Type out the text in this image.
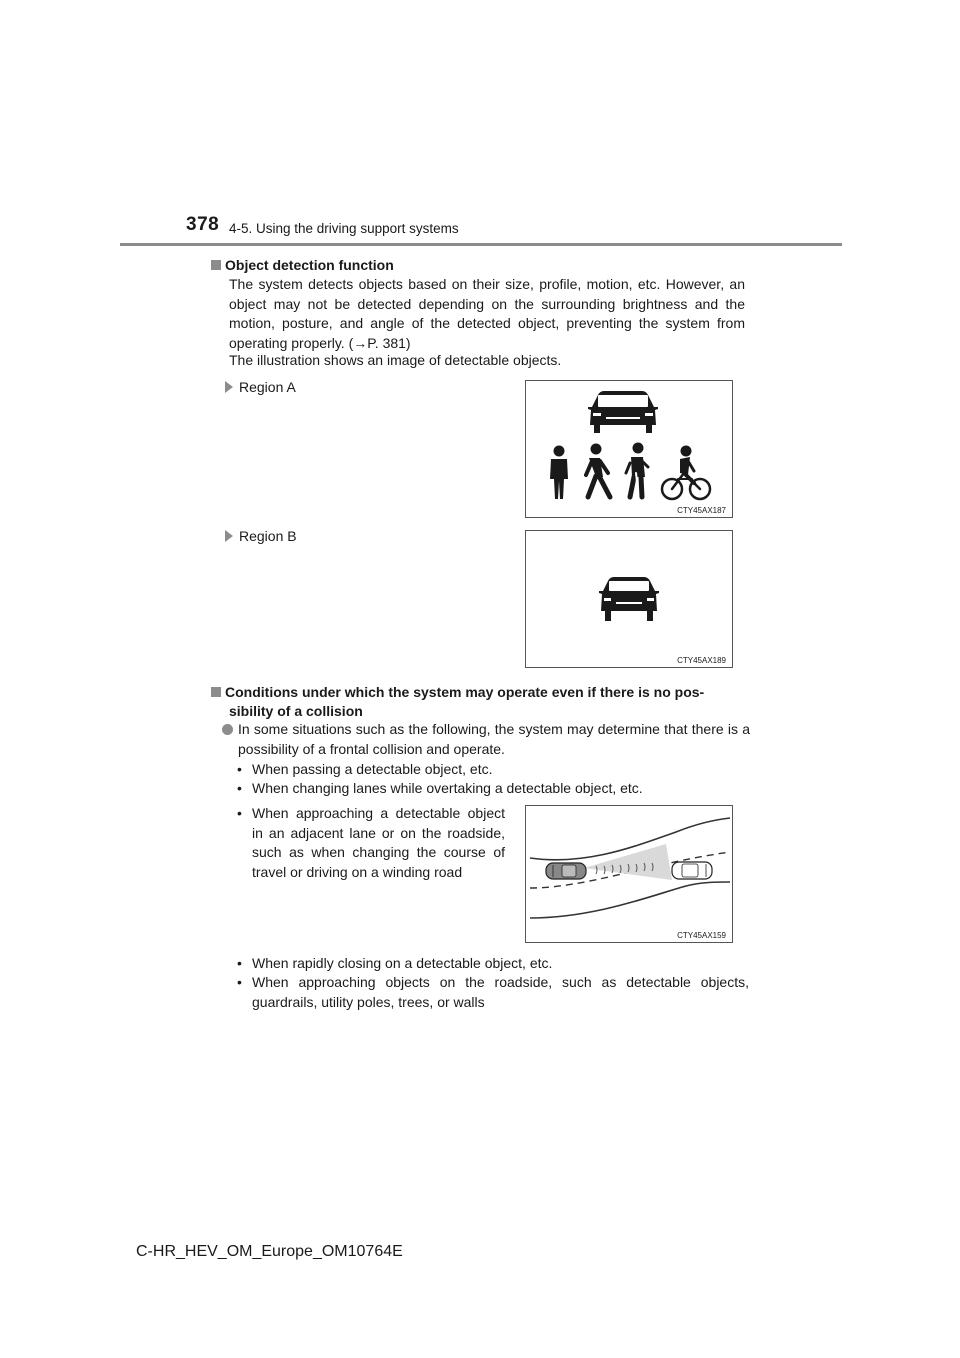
378 4-5. Using the driving support systems
Object detection function

The system detects objects based on their size, profile, motion, etc. However, an object may not be detected depending on the surrounding brightness and the motion, posture, and angle of the detected object, preventing the system from operating properly. (→P. 381)

The illustration shows an image of detectable objects.

Region A
CTY45AX187
Region B
CTY45AX189
Conditions under which the system may operate even if there is no pos-
sibility of a collision
In some situations such as the following, the system may determine that there is a possibility of a frontal collision and operate.
• When passing a detectable object, etc.
• When changing lanes while overtaking a detectable object, etc.
• When approaching a detectable object in an adjacent lane or on the roadside, such as when changing the course of travel or driving on a winding road
CTY45AX159
• When rapidly closing on a detectable object, etc.
• When approaching objects on the roadside, such as detectable objects, guardrails, utility poles, trees, or walls
C-HR_HEV_OM_Europe_OM10764E
